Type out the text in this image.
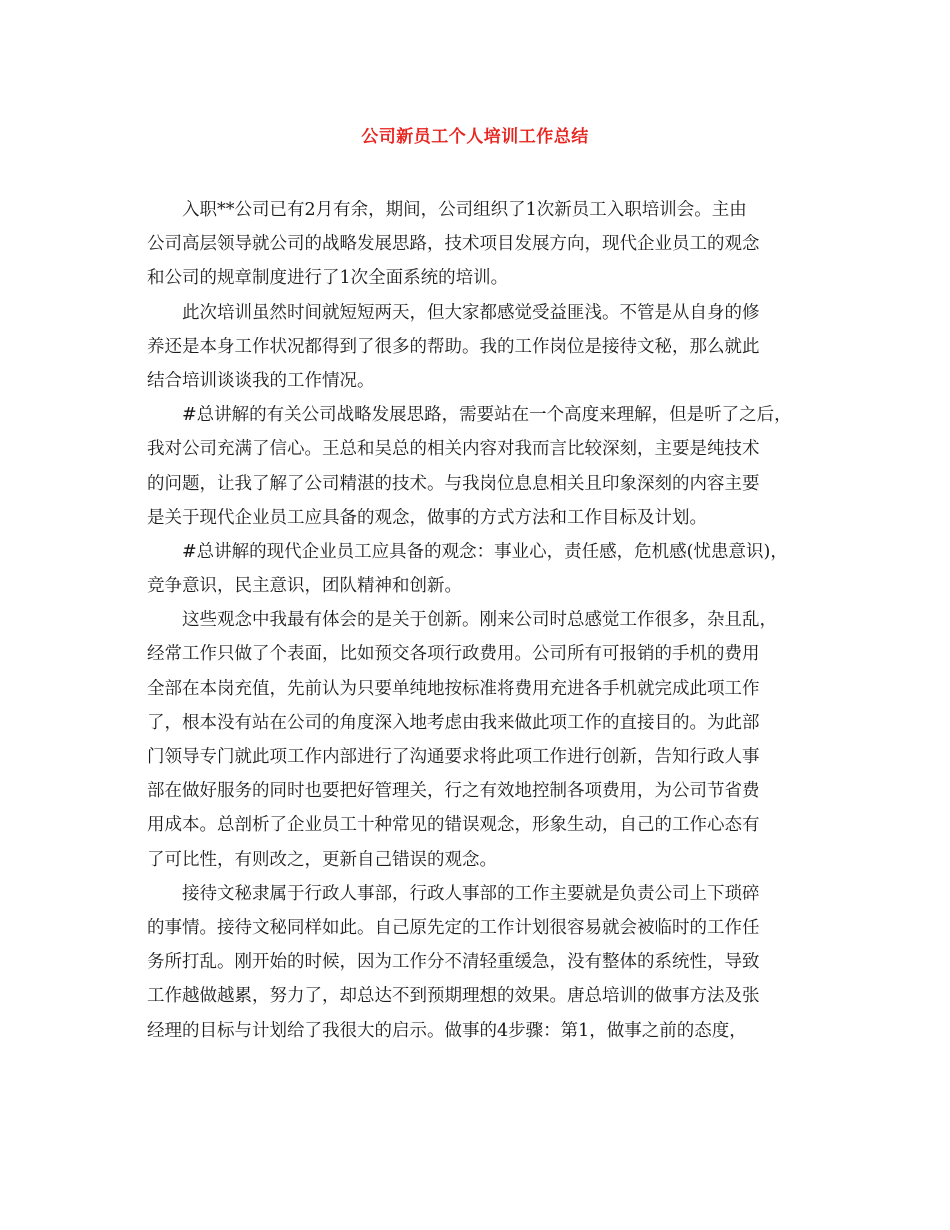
公司新员工个人培训工作总结
入职**公司已有2月有余，期间，公司组织了1次新员工入职培训会。主由
公司高层领导就公司的战略发展思路，技术项目发展方向，现代企业员工的观念
和公司的规章制度进行了1次全面系统的培训。
此次培训虽然时间就短短两天，但大家都感觉受益匪浅。不管是从自身的修
养还是本身工作状况都得到了很多的帮助。我的工作岗位是接待文秘，那么就此
结合培训谈谈我的工作情况。
#总讲解的有关公司战略发展思路，需要站在一个高度来理解，但是听了之后，
我对公司充满了信心。王总和吴总的相关内容对我而言比较深刻，主要是纯技术
的问题，让我了解了公司精湛的技术。与我岗位息息相关且印象深刻的内容主要
是关于现代企业员工应具备的观念，做事的方式方法和工作目标及计划。
#总讲解的现代企业员工应具备的观念：事业心，责任感，危机感(忧患意识)，
竞争意识，民主意识，团队精神和创新。
这些观念中我最有体会的是关于创新。刚来公司时总感觉工作很多，杂且乱，
经常工作只做了个表面，比如预交各项行政费用。公司所有可报销的手机的费用
全部在本岗充值，先前认为只要单纯地按标准将费用充进各手机就完成此项工作
了，根本没有站在公司的角度深入地考虑由我来做此项工作的直接目的。为此部
门领导专门就此项工作内部进行了沟通要求将此项工作进行创新，告知行政人事
部在做好服务的同时也要把好管理关，行之有效地控制各项费用，为公司节省费
用成本。总剖析了企业员工十种常见的错误观念，形象生动，自己的工作心态有
了可比性，有则改之，更新自己错误的观念。
接待文秘隶属于行政人事部，行政人事部的工作主要就是负责公司上下琐碎
的事情。接待文秘同样如此。自己原先定的工作计划很容易就会被临时的工作任
务所打乱。刚开始的时候，因为工作分不清轻重缓急，没有整体的系统性，导致
工作越做越累，努力了，却总达不到预期理想的效果。唐总培训的做事方法及张
经理的目标与计划给了我很大的启示。做事的4步骤：第1，做事之前的态度，
